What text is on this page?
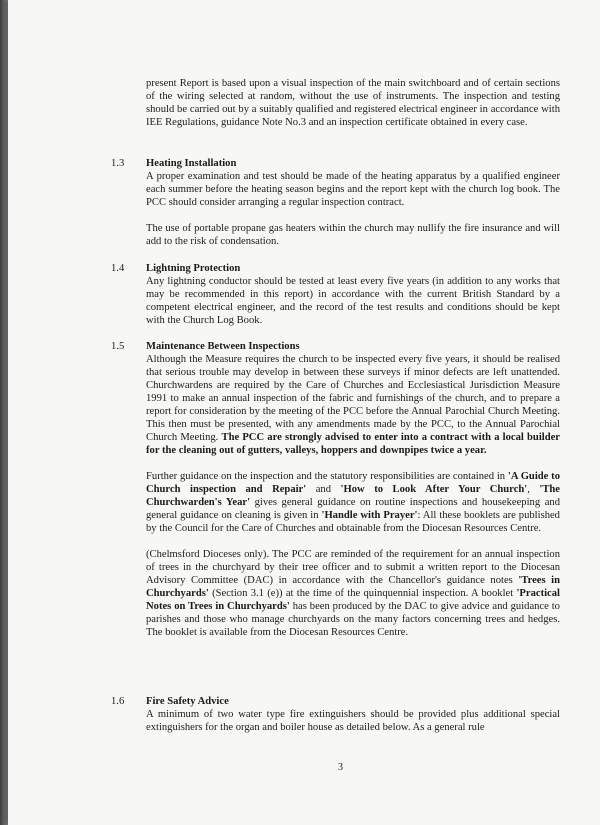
present Report is based upon a visual inspection of the main switchboard and of certain sections of the wiring selected at random, without the use of instruments. The inspection and testing should be carried out by a suitably qualified and registered electrical engineer in accordance with IEE Regulations, guidance Note No.3 and an inspection certificate obtained in every case.

1.3 Heating Installation

A proper examination and test should be made of the heating apparatus by a qualified engineer each summer before the heating season begins and the report kept with the church log book. The PCC should consider arranging a regular inspection contract.

The use of portable propane gas heaters within the church may nullify the fire insurance and will add to the risk of condensation.

1.4 Lightning Protection

Any lightning conductor should be tested at least every five years (in addition to any works that may be recommended in this report) in accordance with the current British Standard by a competent electrical engineer, and the record of the test results and conditions should be kept with the Church Log Book.

1.5 Maintenance Between Inspections

Although the Measure requires the church to be inspected every five years, it should be realised that serious trouble may develop in between these surveys if minor defects are left unattended. Churchwardens are required by the Care of Churches and Ecclesiastical Jurisdiction Measure 1991 to make an annual inspection of the fabric and furnishings of the church, and to prepare a report for consideration by the meeting of the PCC before the Annual Parochial Church Meeting. This then must be presented, with any amendments made by the PCC, to the Annual Parochial Church Meeting. The PCC are strongly advised to enter into a contract with a local builder for the cleaning out of gutters, valleys, hoppers and downpipes twice a year.

Further guidance on the inspection and the statutory responsibilities are contained in 'A Guide to Church inspection and Repair' and 'How to Look After Your Church', 'The Churchwarden's Year' gives general guidance on routine inspections and housekeeping and general guidance on cleaning is given in 'Handle with Prayer': All these booklets are published by the Council for the Care of Churches and obtainable from the Diocesan Resources Centre.

(Chelmsford Dioceses only). The PCC are reminded of the requirement for an annual inspection of trees in the churchyard by their tree officer and to submit a written report to the Diocesan Advisory Committee (DAC) in accordance with the Chancellor's guidance notes 'Trees in Churchyards' (Section 3.1 (e)) at the time of the quinquennial inspection. A booklet 'Practical Notes on Trees in Churchyards' has been produced by the DAC to give advice and guidance to parishes and those who manage churchyards on the many factors concerning trees and hedges. The booklet is available from the Diocesan Resources Centre.

1.6 Fire Safety Advice

A minimum of two water type fire extinguishers should be provided plus additional special extinguishers for the organ and boiler house as detailed below. As a general rule

3
